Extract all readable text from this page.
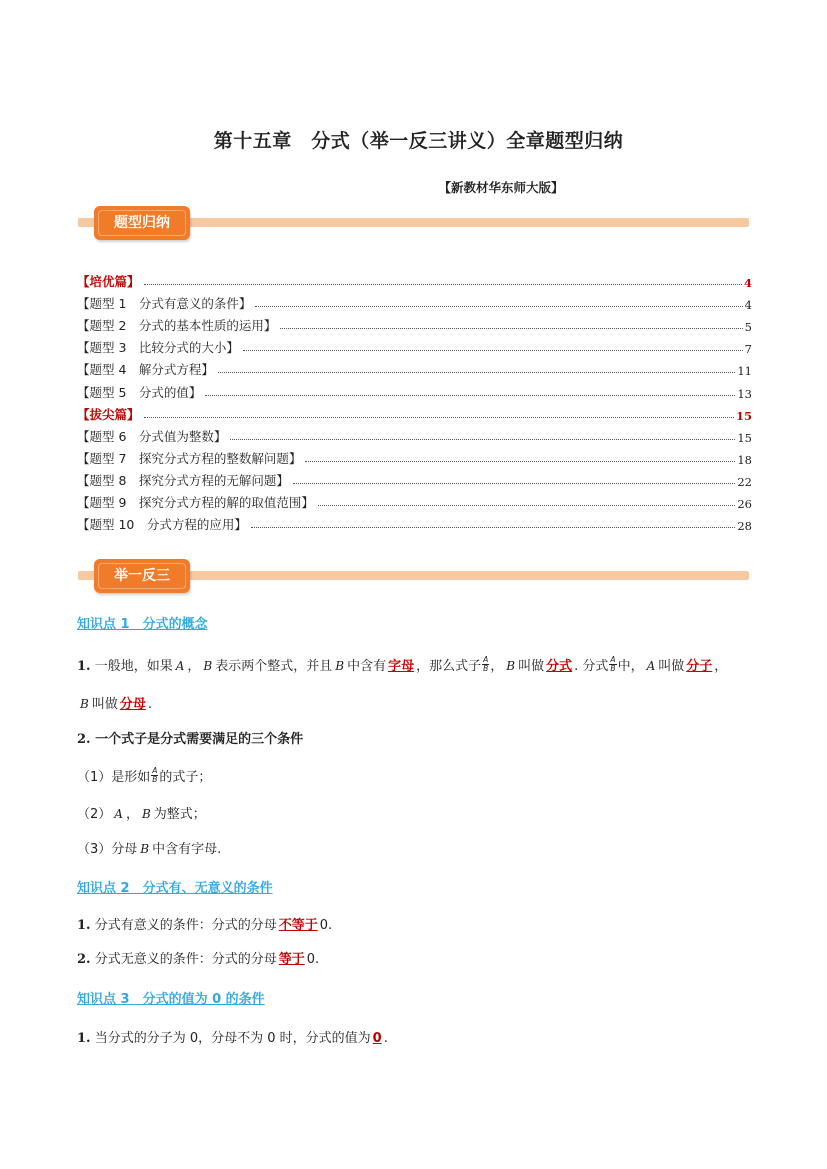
第十五章　分式（举一反三讲义）全章题型归纳
【新教材华东师大版】
题型归纳
【培优篇】	4
【题型 1　分式有意义的条件】	4
【题型 2　分式的基本性质的运用】	5
【题型 3　比较分式的大小】	7
【题型 4　解分式方程】	11
【题型 5　分式的值】	13
【拔尖篇】	15
【题型 6　分式值为整数】	15
【题型 7　探究分式方程的整数解问题】	18
【题型 8　探究分式方程的无解问题】	22
【题型 9　探究分式方程的解的取值范围】	26
【题型 10　分式方程的应用】	28
举一反三
知识点 1　分式的概念
1. 一般地，如果 A ， B 表示两个整式，并且 B 中含有 字母 ，那么式子 $\frac{A}{B}$ ， B 叫做 分式 . 分式 $\frac{A}{B}$ 中， A 叫做 分子 ，
B 叫做 分母 .
2. 一个式子是分式需要满足的三个条件
（1）是形如 $\frac{A}{B}$ 的式子；
（2） A ， B 为整式；
（3）分母 B 中含有字母.
知识点 2　分式有、无意义的条件
1. 分式有意义的条件：分式的分母 不等于 0.
2. 分式无意义的条件：分式的分母 等于 0.
知识点 3　分式的值为 0 的条件
1. 当分式的分子为 0，分母不为 0 时，分式的值为 0 .
